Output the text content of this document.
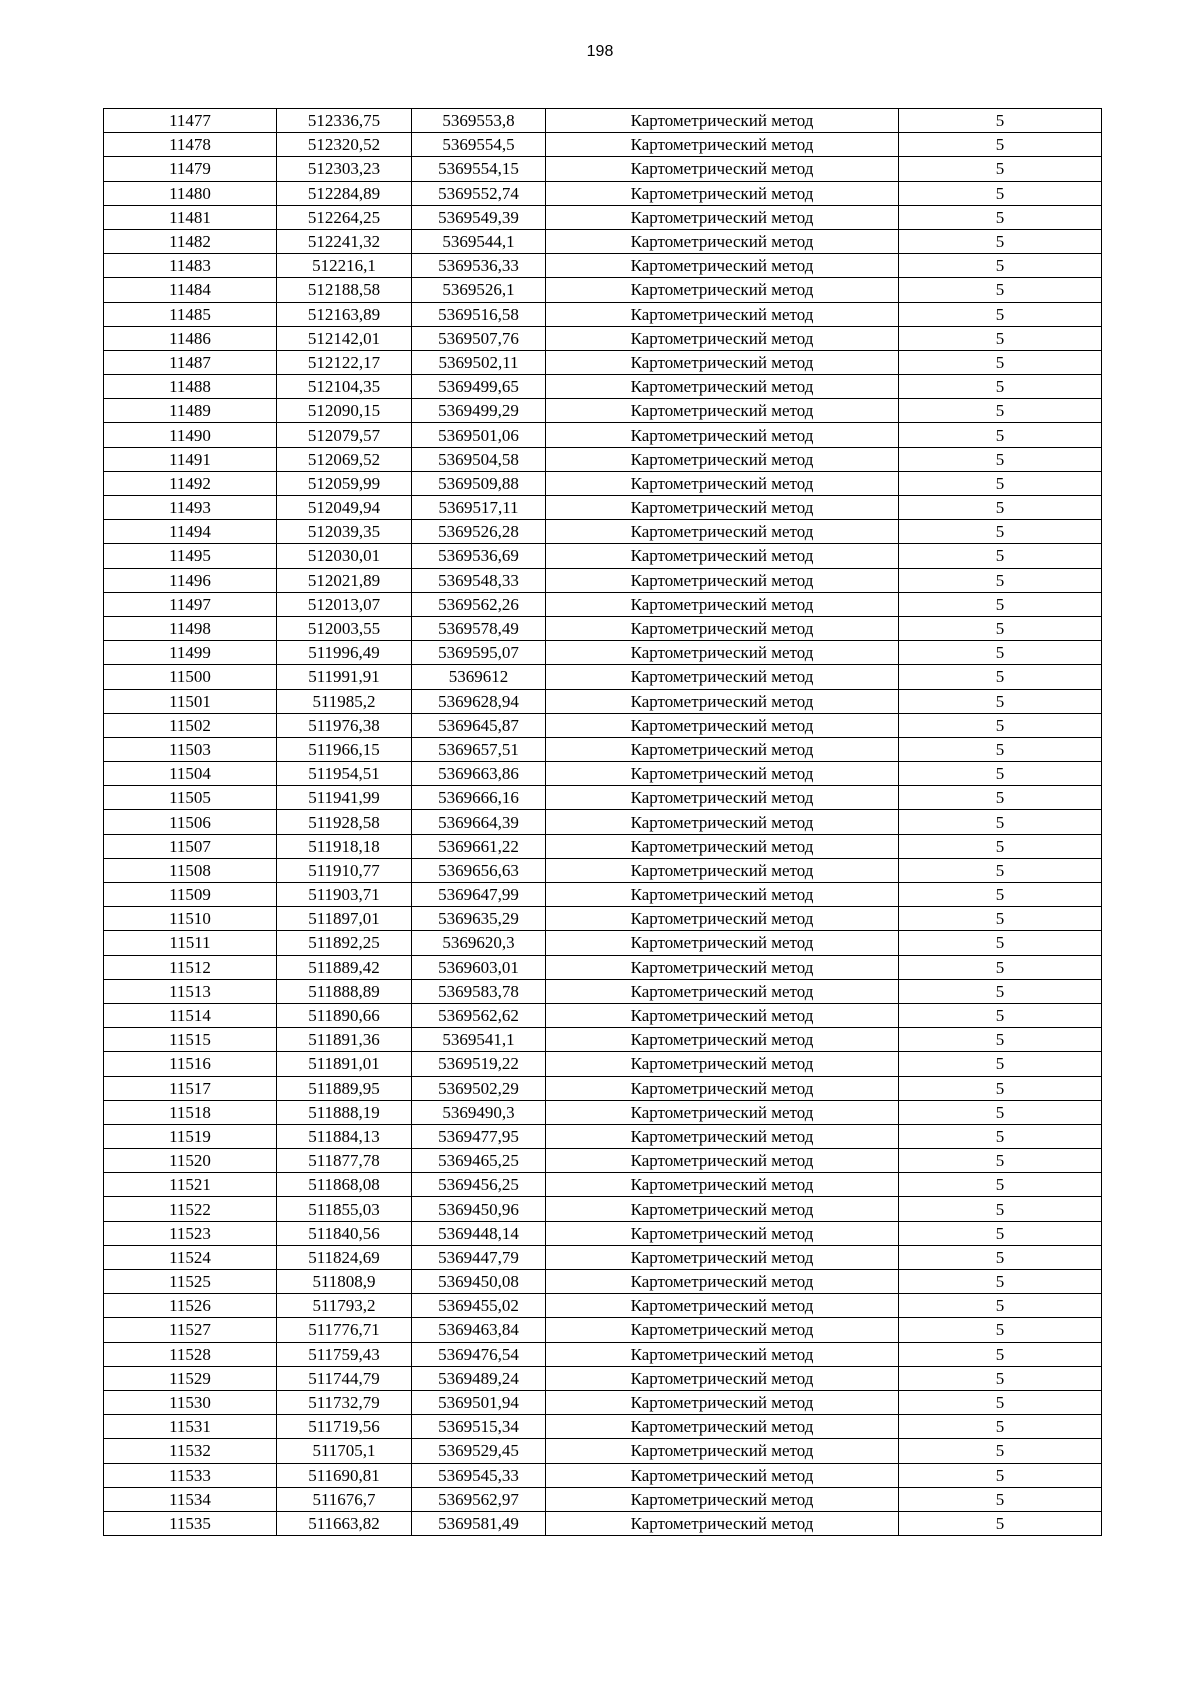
198
11477	512336,75	5369553,8	Картометрический метод	5
11478	512320,52	5369554,5	Картометрический метод	5
11479	512303,23	5369554,15	Картометрический метод	5
11480	512284,89	5369552,74	Картометрический метод	5
11481	512264,25	5369549,39	Картометрический метод	5
11482	512241,32	5369544,1	Картометрический метод	5
11483	512216,1	5369536,33	Картометрический метод	5
11484	512188,58	5369526,1	Картометрический метод	5
11485	512163,89	5369516,58	Картометрический метод	5
11486	512142,01	5369507,76	Картометрический метод	5
11487	512122,17	5369502,11	Картометрический метод	5
11488	512104,35	5369499,65	Картометрический метод	5
11489	512090,15	5369499,29	Картометрический метод	5
11490	512079,57	5369501,06	Картометрический метод	5
11491	512069,52	5369504,58	Картометрический метод	5
11492	512059,99	5369509,88	Картометрический метод	5
11493	512049,94	5369517,11	Картометрический метод	5
11494	512039,35	5369526,28	Картометрический метод	5
11495	512030,01	5369536,69	Картометрический метод	5
11496	512021,89	5369548,33	Картометрический метод	5
11497	512013,07	5369562,26	Картометрический метод	5
11498	512003,55	5369578,49	Картометрический метод	5
11499	511996,49	5369595,07	Картометрический метод	5
11500	511991,91	5369612	Картометрический метод	5
11501	511985,2	5369628,94	Картометрический метод	5
11502	511976,38	5369645,87	Картометрический метод	5
11503	511966,15	5369657,51	Картометрический метод	5
11504	511954,51	5369663,86	Картометрический метод	5
11505	511941,99	5369666,16	Картометрический метод	5
11506	511928,58	5369664,39	Картометрический метод	5
11507	511918,18	5369661,22	Картометрический метод	5
11508	511910,77	5369656,63	Картометрический метод	5
11509	511903,71	5369647,99	Картометрический метод	5
11510	511897,01	5369635,29	Картометрический метод	5
11511	511892,25	5369620,3	Картометрический метод	5
11512	511889,42	5369603,01	Картометрический метод	5
11513	511888,89	5369583,78	Картометрический метод	5
11514	511890,66	5369562,62	Картометрический метод	5
11515	511891,36	5369541,1	Картометрический метод	5
11516	511891,01	5369519,22	Картометрический метод	5
11517	511889,95	5369502,29	Картометрический метод	5
11518	511888,19	5369490,3	Картометрический метод	5
11519	511884,13	5369477,95	Картометрический метод	5
11520	511877,78	5369465,25	Картометрический метод	5
11521	511868,08	5369456,25	Картометрический метод	5
11522	511855,03	5369450,96	Картометрический метод	5
11523	511840,56	5369448,14	Картометрический метод	5
11524	511824,69	5369447,79	Картометрический метод	5
11525	511808,9	5369450,08	Картометрический метод	5
11526	511793,2	5369455,02	Картометрический метод	5
11527	511776,71	5369463,84	Картометрический метод	5
11528	511759,43	5369476,54	Картометрический метод	5
11529	511744,79	5369489,24	Картометрический метод	5
11530	511732,79	5369501,94	Картометрический метод	5
11531	511719,56	5369515,34	Картометрический метод	5
11532	511705,1	5369529,45	Картометрический метод	5
11533	511690,81	5369545,33	Картометрический метод	5
11534	511676,7	5369562,97	Картометрический метод	5
11535	511663,82	5369581,49	Картометрический метод	5
